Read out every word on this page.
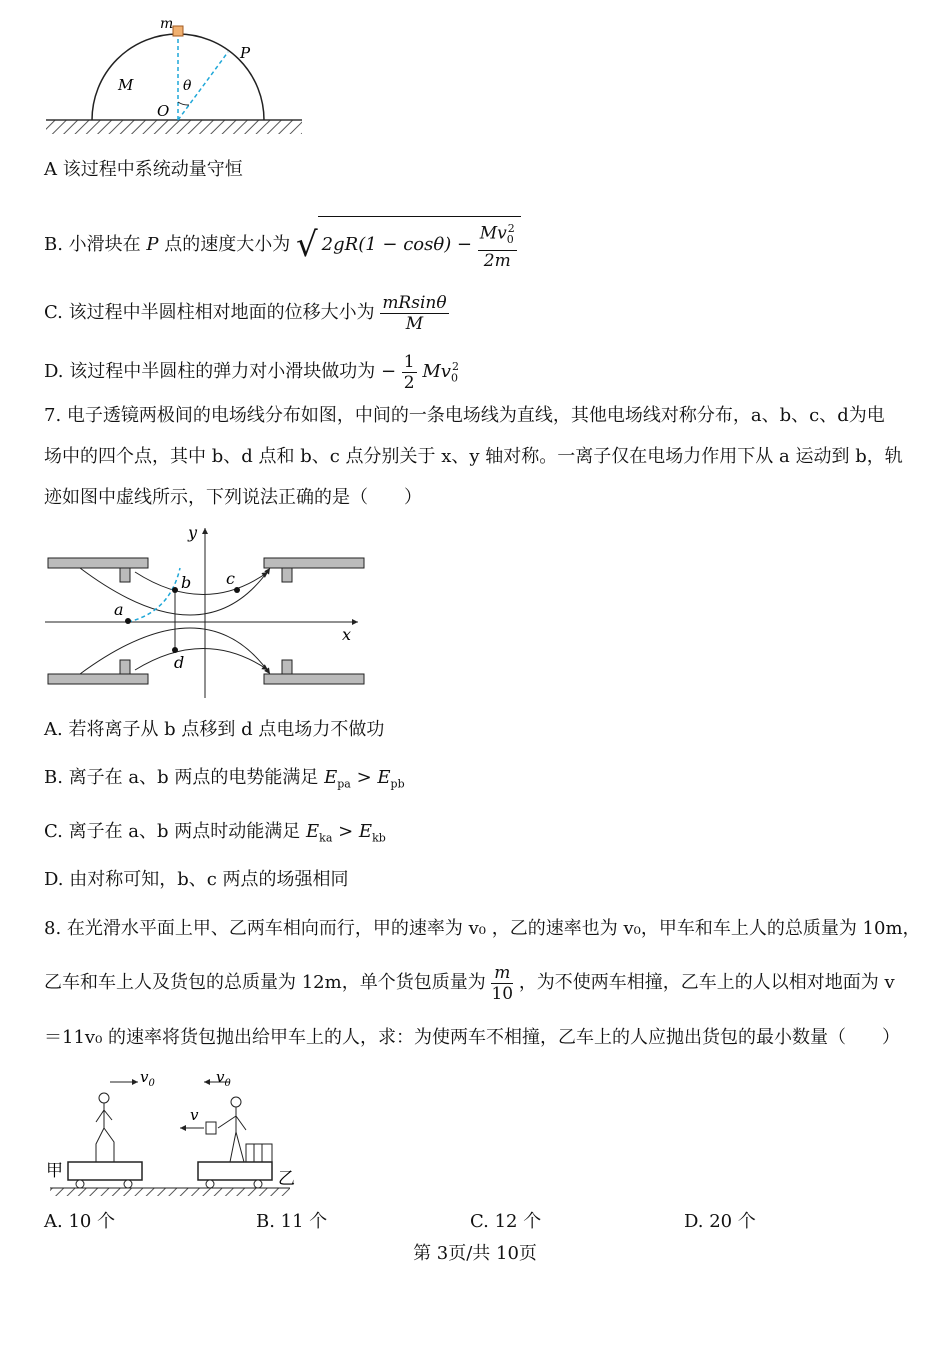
m
P
M	θ
O
A 该过程中系统动量守恒
B. 小滑块在 P 点的速度大小为 √ $2gR(1 - \cos\theta) - \frac{Mv_0^2}{2m}$
C. 该过程中半圆柱相对地面的位移大小为 $\frac{mRsin\theta}{M}$
D. 该过程中半圆柱的弹力对小滑块做功为 − $\frac{1}{2} Mv_0^2$
7. 电子透镜两极间的电场线分布如图，中间的一条电场线为直线，其他电场线对称分布，a、b、c、d为电
场中的四个点，其中 b、d 点和 b、c 点分别关于 x、y 轴对称。一离子仅在电场力作用下从 a 运动到 b，轨
迹如图中虚线所示，下列说法正确的是（　　）
y
x
a
b c
d
A. 若将离子从 b 点移到 d 点电场力不做功
B. 离子在 a、b 两点的电势能满足 $E_{pa} > E_{pb}$
C. 离子在 a、b 两点时动能满足 $E_{ka} > E_{kb}$
D. 由对称可知，b、c 两点的场强相同
8. 在光滑水平面上甲、乙两车相向而行，甲的速率为 v₀ ，乙的速率也为 v₀，甲车和车上人的总质量为 10m，
乙车和车上人及货包的总质量为 12m，单个货包质量为 $\frac{m}{10}$ ，为不使两车相撞，乙车上的人以相对地面为 v
＝11v₀ 的速率将货包抛出给甲车上的人，求：为使两车不相撞，乙车上的人应抛出货包的最小数量（　　）
$v_0$	$v_0$
v
甲	乙
A. 10 个	B. 11 个	C. 12 个	D. 20 个
第 3页/共 10页
